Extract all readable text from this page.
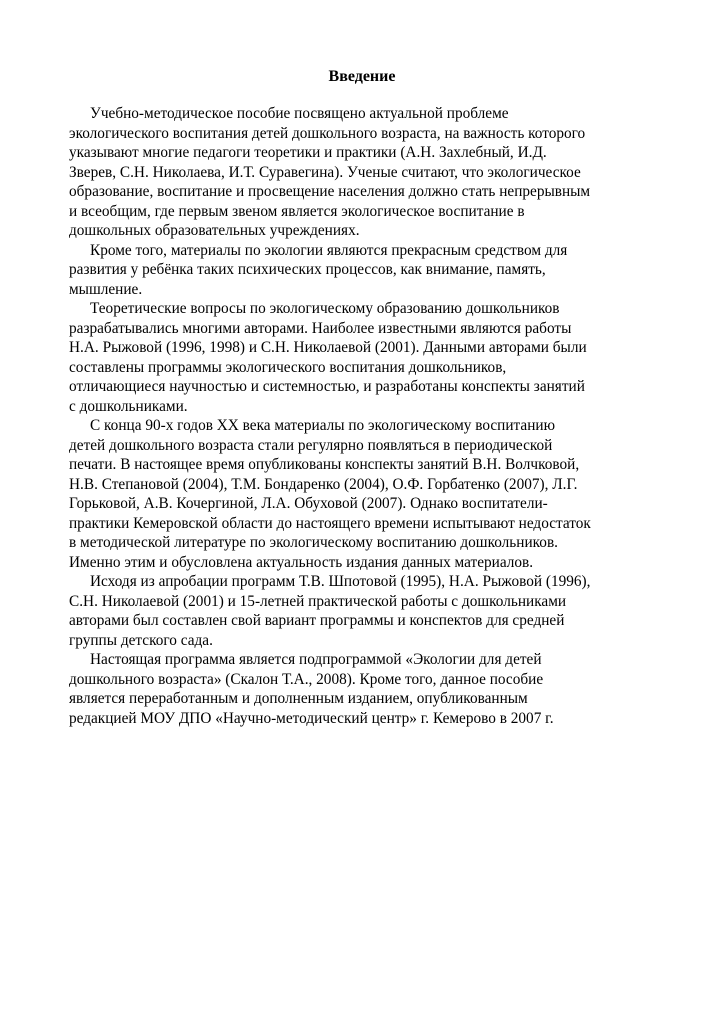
Введение
Учебно-методическое пособие посвящено актуальной проблеме
экологического воспитания детей дошкольного возраста, на важность которого
указывают многие педагоги теоретики и практики (А.Н. Захлебный, И.Д.
Зверев, С.Н. Николаева, И.Т. Суравегина). Ученые считают, что экологическое
образование, воспитание и просвещение населения должно стать непрерывным
и всеобщим, где первым звеном является экологическое воспитание в
дошкольных образовательных учреждениях.
Кроме того, материалы по экологии являются прекрасным средством для
развития у ребёнка таких психических процессов, как внимание, память,
мышление.
Теоретические вопросы по экологическому образованию дошкольников
разрабатывались многими авторами. Наиболее известными являются работы
Н.А. Рыжовой (1996, 1998) и С.Н. Николаевой (2001). Данными авторами были
составлены программы экологического воспитания дошкольников,
отличающиеся научностью и системностью, и разработаны конспекты занятий
с дошкольниками.
С конца 90-х годов XX века материалы по экологическому воспитанию
детей дошкольного возраста стали регулярно появляться в периодической
печати. В настоящее время опубликованы конспекты занятий В.Н. Волчковой,
Н.В. Степановой (2004), Т.М. Бондаренко (2004), О.Ф. Горбатенко (2007), Л.Г.
Горьковой, А.В. Кочергиной, Л.А. Обуховой (2007). Однако воспитатели-
практики Кемеровской области до настоящего времени испытывают недостаток
в методической литературе по экологическому воспитанию дошкольников.
Именно этим и обусловлена актуальность издания данных материалов.
Исходя из апробации программ Т.В. Шпотовой (1995), Н.А. Рыжовой (1996),
С.Н. Николаевой (2001) и 15-летней практической работы с дошкольниками
авторами был составлен свой вариант программы и конспектов для средней
группы детского сада.
Настоящая программа является подпрограммой «Экологии для детей
дошкольного возраста» (Скалон Т.А., 2008). Кроме того, данное пособие
является переработанным и дополненным изданием, опубликованным
редакцией МОУ ДПО «Научно-методический центр» г. Кемерово в 2007 г.
